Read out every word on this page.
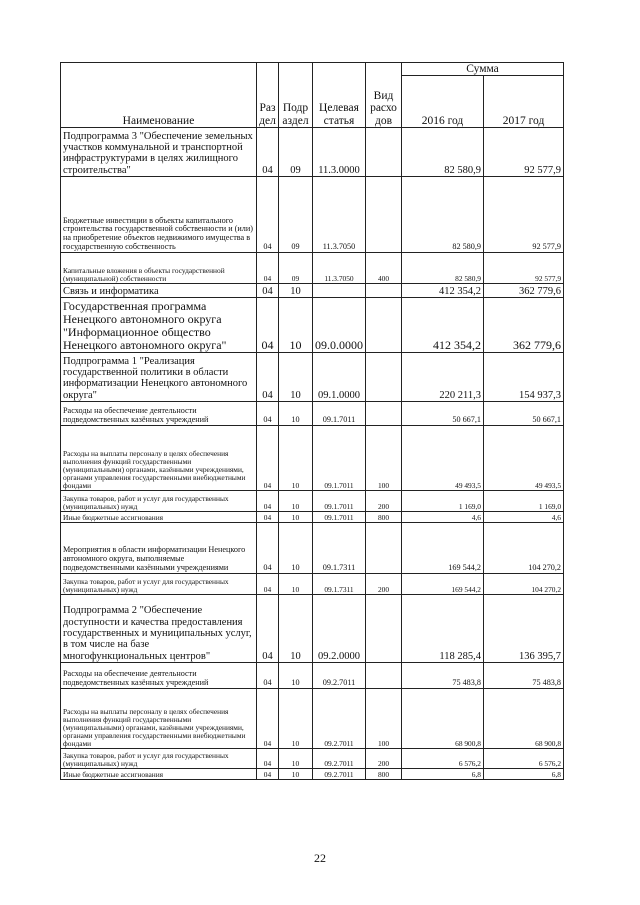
Наименование	Раз дел	Подр аздел	Целевая статья	Вид расхо дов	Сумма	
					2016 год	2017 год
Подпрограмма 3 "Обеспечение земельных участков коммунальной и транспортной инфраструктурами в целях жилищного строительства"	04	09	11.3.0000		82 580,9	92 577,9
Бюджетные инвестиции в объекты капитального строительства государственной собственности и (или) на приобретение объектов недвижимого имущества в государственную собственность	04	09	11.3.7050		82 580,9	92 577,9
Капитальные вложения в объекты государственной (муниципальной) собственности	04	09	11.3.7050	400	82 580,9	92 577,9
Связь и информатика	04	10			412 354,2	362 779,6
Государственная программа Ненецкого автономного округа "Информационное общество Ненецкого автономного округа"	04	10	09.0.0000		412 354,2	362 779,6
Подпрограмма 1 "Реализация государственной политики в области информатизации Ненецкого автономного округа"	04	10	09.1.0000		220 211,3	154 937,3
Расходы на обеспечение деятельности подведомственных казённых учреждений	04	10	09.1.7011		50 667,1	50 667,1
Расходы на выплаты персоналу в целях обеспечения выполнения функций государственными (муниципальными) органами, казёнными учреждениями, органами управления государственными внебюджетными фондами	04	10	09.1.7011	100	49 493,5	49 493,5
Закупка товаров, работ и услуг для государственных (муниципальных) нужд	04	10	09.1.7011	200	1 169,0	1 169,0
Иные бюджетные ассигнования	04	10	09.1.7011	800	4,6	4,6
Мероприятия в области информатизации Ненецкого автономного округа, выполняемые подведомственными казёнными учреждениями	04	10	09.1.7311		169 544,2	104 270,2
Закупка товаров, работ и услуг для государственных (муниципальных) нужд	04	10	09.1.7311	200	169 544,2	104 270,2
Подпрограмма 2 "Обеспечение доступности и качества предоставления государственных и муниципальных услуг, в том числе на базе многофункциональных центров"	04	10	09.2.0000		118 285,4	136 395,7
Расходы на обеспечение деятельности подведомственных казённых учреждений	04	10	09.2.7011		75 483,8	75 483,8
Расходы на выплаты персоналу в целях обеспечения выполнения функций государственными (муниципальными) органами, казёнными учреждениями, органами управления государственными внебюджетными фондами	04	10	09.2.7011	100	68 900,8	68 900,8
Закупка товаров, работ и услуг для государственных (муниципальных) нужд	04	10	09.2.7011	200	6 576,2	6 576,2
Иные бюджетные ассигнования	04	10	09.2.7011	800	6,8	6,8
22
